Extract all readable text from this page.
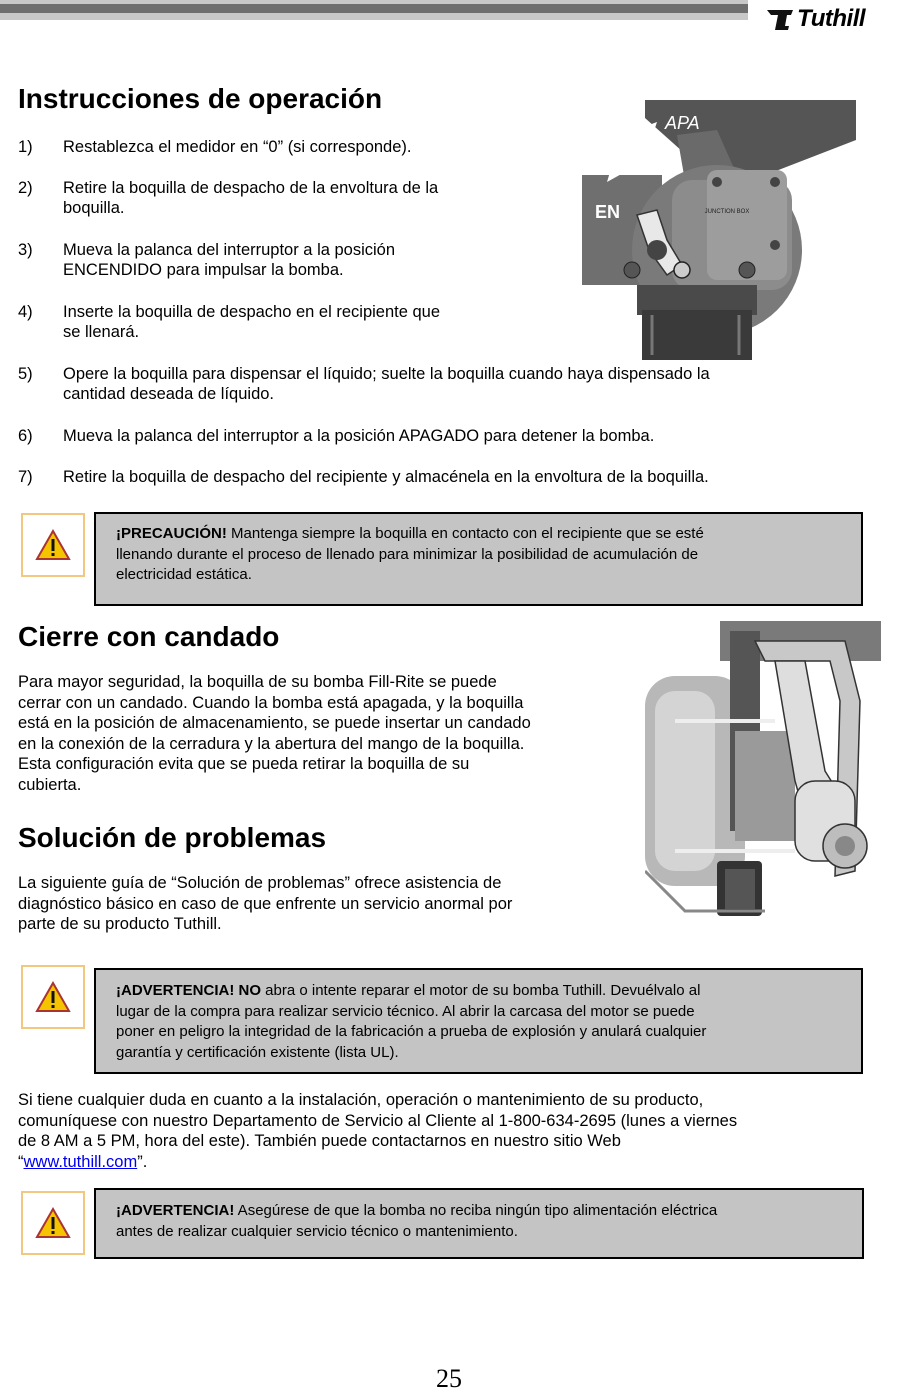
Tuthill
Instrucciones de operación
1) Restablezca el medidor en “0” (si corresponde).
2) Retire la boquilla de despacho de la envoltura de la
boquilla.
3) Mueva la palanca del interruptor a la posición
ENCENDIDO para impulsar la bomba.
4) Inserte la boquilla de despacho en el recipiente que
se llenará.
5) Opere la boquilla para dispensar el líquido; suelte la boquilla cuando haya dispensado la
cantidad deseada de líquido.
6) Mueva la palanca del interruptor a la posición APAGADO para detener la bomba.
7) Retire la boquilla de despacho del recipiente y almacénela en la envoltura de la boquilla.
JUNCTION BOX
APA
EN
¡PRECAUCIÓN! Mantenga siempre la boquilla en contacto con el recipiente que se esté
llenando durante el proceso de llenado para minimizar la posibilidad de acumulación de
electricidad estática.
Cierre con candado
Para mayor seguridad, la boquilla de su bomba Fill-Rite se puede
cerrar con un candado. Cuando la bomba está apagada, y la boquilla
está en la posición de almacenamiento, se puede insertar un candado
en la conexión de la cerradura y la abertura del mango de la boquilla.
Esta configuración evita que se pueda retirar la boquilla de su
cubierta.
Solución de problemas
La siguiente guía de “Solución de problemas” ofrece asistencia de
diagnóstico básico en caso de que enfrente un servicio anormal por
parte de su producto Tuthill.
¡ADVERTENCIA! NO abra o intente reparar el motor de su bomba Tuthill. Devuélvalo al
lugar de la compra para realizar servicio técnico. Al abrir la carcasa del motor se puede
poner en peligro la integridad de la fabricación a prueba de explosión y anulará cualquier
garantía y certificación existente (lista UL).
Si tiene cualquier duda en cuanto a la instalación, operación o mantenimiento de su producto,
comuníquese con nuestro Departamento de Servicio al Cliente al 1-800-634-2695 (lunes a viernes
de 8 AM a 5 PM, hora del este). También puede contactarnos en nuestro sitio Web
“www.tuthill.com”.
¡ADVERTENCIA! Asegúrese de que la bomba no reciba ningún tipo alimentación eléctrica
antes de realizar cualquier servicio técnico o mantenimiento.
25
